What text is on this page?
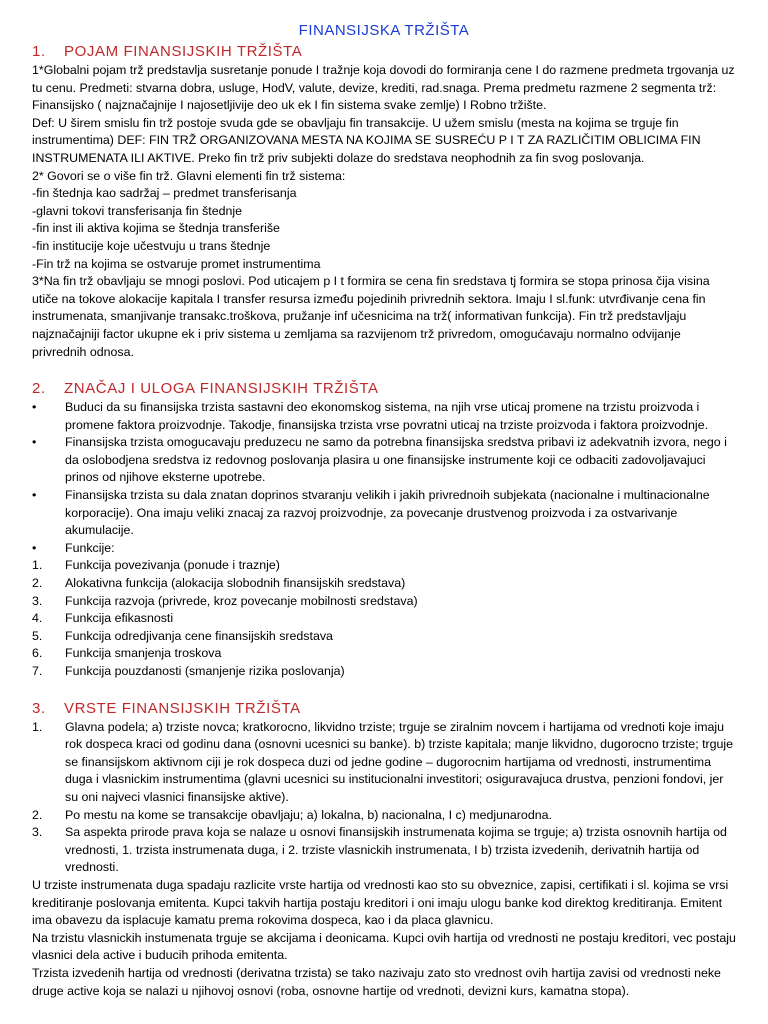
FINANSIJSKA TRŽIŠTA
1.	POJAM FINANSIJSKIH TRŽIŠTA

1*Globalni pojam trž predstavlja susretanje ponude I tražnje koja dovodi do formiranja cene I do razmene predmeta trgovanja uz tu cenu. Predmeti: stvarna dobra, usluge, HodV, valute, devize, krediti, rad.snaga. Prema predmetu razmene 2 segmenta trž: Finansijsko ( najznačajnije I najosetljivije deo uk ek I fin sistema svake zemlje) I Robno tržište.

Def: U širem smislu fin trž postoje svuda gde se obavljaju fin transakcije. U užem smislu (mesta na kojima se trguje fin instrumentima) DEF: FIN TRŽ ORGANIZOVANA MESTA NA KOJIMA SE SUSREĆU P I T ZA RAZLIČITIM OBLICIMA FIN INSTRUMENATA ILI AKTIVE. Preko fin trž priv subjekti dolaze do sredstava neophodnih za fin svog poslovanja.

2* Govori se o više fin trž. Glavni elementi fin trž sistema:

-fin štednja kao sadržaj – predmet transferisanja

-glavni tokovi transferisanja fin štednje

-fin inst ili aktiva kojima se štednja transferiše

-fin institucije koje učestvuju u trans štednje

-Fin trž na kojima se ostvaruje promet instrumentima

3*Na fin trž obavljaju se mnogi poslovi. Pod uticajem p I t formira se cena fin sredstava tj formira se stopa prinosa čija visina utiče na tokove alokacije kapitala I transfer resursa između pojedinih privrednih sektora. Imaju I sl.funk: utvrđivanje cena fin instrumenata, smanjivanje transakc.troškova, pružanje inf učesnicima na trž( informativan funkcija). Fin trž predstavljaju najznačajniji factor ukupne ek i priv sistema u zemljama sa razvijenom trž privredom, omogućavaju normalno odvijanje privrednih odnosa.

2.	ZNAČAJ I ULOGA FINANSIJSKIH TRŽIŠTA
•	Buduci da su finansijska trzista sastavni deo ekonomskog sistema, na njih vrse uticaj promene na trzistu proizvoda i promene faktora proizvodnje. Takodje, finansijska trzista vrse povratni uticaj na trziste proizvoda i faktora proizvodnje.
•	Finansijska trzista omogucavaju preduzecu ne samo da potrebna finansijska sredstva pribavi iz adekvatnih izvora, nego i da oslobodjena sredstva iz redovnog poslovanja plasira u one finansijske instrumente koji ce odbaciti zadovoljavajuci prinos od njihove eksterne upotrebe.
•	Finansijska trzista su dala znatan doprinos stvaranju velikih i jakih privrednoih subjekata (nacionalne i multinacionalne korporacije). Ona imaju veliki znacaj za razvoj proizvodnje, za povecanje drustvenog proizvoda i za ostvarivanje akumulacije.
•	Funkcije:
1.	Funkcija povezivanja (ponude i traznje)
2.	Alokativna funkcija (alokacija slobodnih finansijskih sredstava)
3.	Funkcija razvoja (privrede, kroz povecanje mobilnosti sredstava)
4.	Funkcija efikasnosti
5.	Funkcija odredjivanja cene finansijskih sredstava
6.	Funkcija smanjenja troskova
7.	Funkcija pouzdanosti (smanjenje rizika poslovanja)
3.	VRSTE FINANSIJSKIH TRŽIŠTA
1.	Glavna podela; a) trziste novca; kratkorocno, likvidno trziste; trguje se ziralnim novcem i hartijama od vrednoti koje imaju rok dospeca kraci od godinu dana (osnovni ucesnici su banke). b) trziste kapitala; manje likvidno, dugorocno trziste; trguje se finansijskom aktivnom ciji je rok dospeca duzi od jedne godine – dugorocnim hartijama od vrednosti, instrumentima duga i vlasnickim instrumentima (glavni ucesnici su institucionalni investitori; osiguravajuca drustva, penzioni fondovi, jer su oni najveci vlasnici finansijske aktive).
2.	Po mestu na kome se transakcije obavljaju; a) lokalna, b) nacionalna, I c) medjunarodna.
3.	Sa aspekta prirode prava koja se nalaze u osnovi finansijskih instrumenata kojima se trguje; a) trzista osnovnih hartija od vrednosti, 1. trzista instrumenata duga, i 2. trziste vlasnickih instrumenata, I b) trzista izvedenih, derivatnih hartija od vrednosti.

U trziste instrumenata duga spadaju razlicite vrste hartija od vrednosti kao sto su obveznice, zapisi, certifikati i sl. kojima se vrsi kreditiranje poslovanja emitenta. Kupci takvih hartija postaju kreditori i oni imaju ulogu banke kod direktog kreditiranja. Emitent ima obavezu da isplacuje kamatu prema rokovima dospeca, kao i da placa glavnicu.

Na trzistu vlasnickih instumenata trguje se akcijama i deonicama. Kupci ovih hartija od vrednosti ne postaju kreditori, vec postaju vlasnici dela active i buducih prihoda emitenta.

Trzista izvedenih hartija od vrednosti (derivatna trzista) se tako nazivaju zato sto vrednost ovih hartija zavisi od vrednosti neke druge active koja se nalazi u njihovoj osnovi (roba, osnovne hartije od vrednoti, devizni kurs, kamatna stopa).
